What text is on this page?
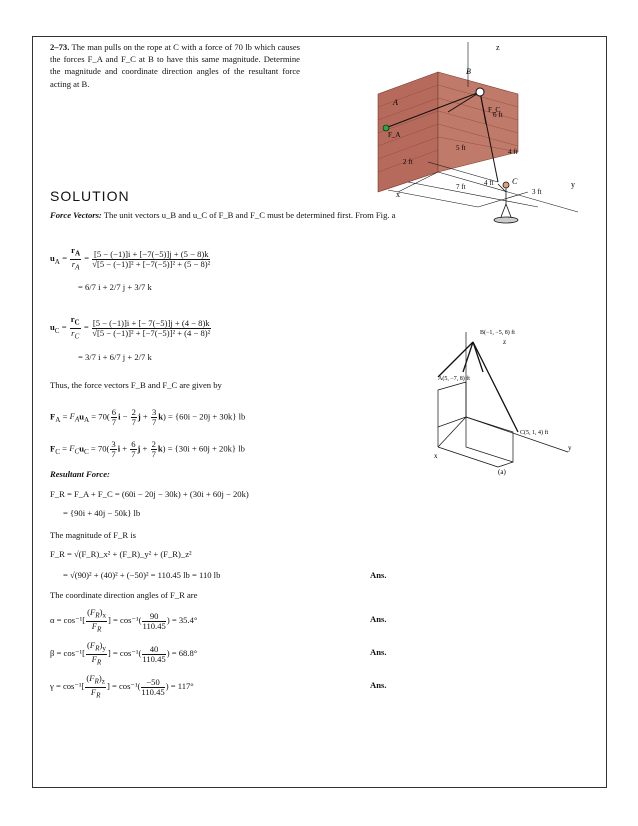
2–73. The man pulls on the rope at C with a force of 70 lb which causes the forces F_A and F_C at B to have this same magnitude. Determine the magnitude and coordinate direction angles of the resultant force acting at B.
z
B
A
F_A
F_C
6 ft
5 ft
2 ft
7 ft	4 ft
4 ft
3 ft
C
x
y
SOLUTION
Force Vectors: The unit vectors u_B and u_C of F_B and F_C must be determined first. From Fig. a
$u_A = \frac{r_A}{r_A} = \frac{[5 - (-1)]i + [-7(-5)]j + (5 - 8)k}{\text{√[5 − (−1)]² + [−7(−5)]² + (5 − 8)²}}$
= 6/7 i + 2/7 j + 3/7 k
$u_C = \frac{r_C}{r_C} = \frac{[5 - (-1)]i + [- 7(-5)]j + (4 - 8)k}{\text{√[5 − (−1)]² + [−7(−5)]² + (4 − 8)²}}$
= 3/7 i + 6/7 j + 2/7 k
Thus, the force vectors F_B and F_C are given by
$F_A = F_Au_A = 70( \frac{6}{7}$ $i - \frac{2}{7}$ $j + \frac{3}{7} k) = \{60i - 20j + 30k\}$ lb
$F_C = F_Cu_C = 70( \frac{3}{7}$ $i + \frac{6}{7}$ $j + \frac{2}{7} k) = \{30i + 60j + 20k\}$ lb
Resultant Force:
F_R = F_A + F_C = (60i − 20j − 30k) + (30i + 60j − 20k)
= {90i + 40j − 50k} lb
The magnitude of F_R is
F_R = √(F_R)_x² + (F_R)_y² + (F_R)_z²
= √(90)² + (40)² + (−50)² = 110.45 lb = 110 lb	Ans.
The coordinate direction angles of F_R are
$\alpha = \cos^{-1}[ \frac{(F_R)_x}{F_R}$ ] = $\cos^{-1}( \frac{90}{110.45}$ ) = 35.4°	Ans.
$\beta = \cos^{-1}[ \frac{(F_R)_y}{F_R}$ ] = $\cos^{-1}( \frac{40}{110.45}$ ) = 68.8°	Ans.
$\gamma = \cos^{-1}[ \frac{(F_R)_z}{F_R}$ ] = $\cos^{-1}( \frac{-50}{110.45}$ ) = 117°	Ans.
B(−1, −5, 8) ft
A(5, −7, 8) ft
C(5, 1, 4) ft
(a)
z
x
y
